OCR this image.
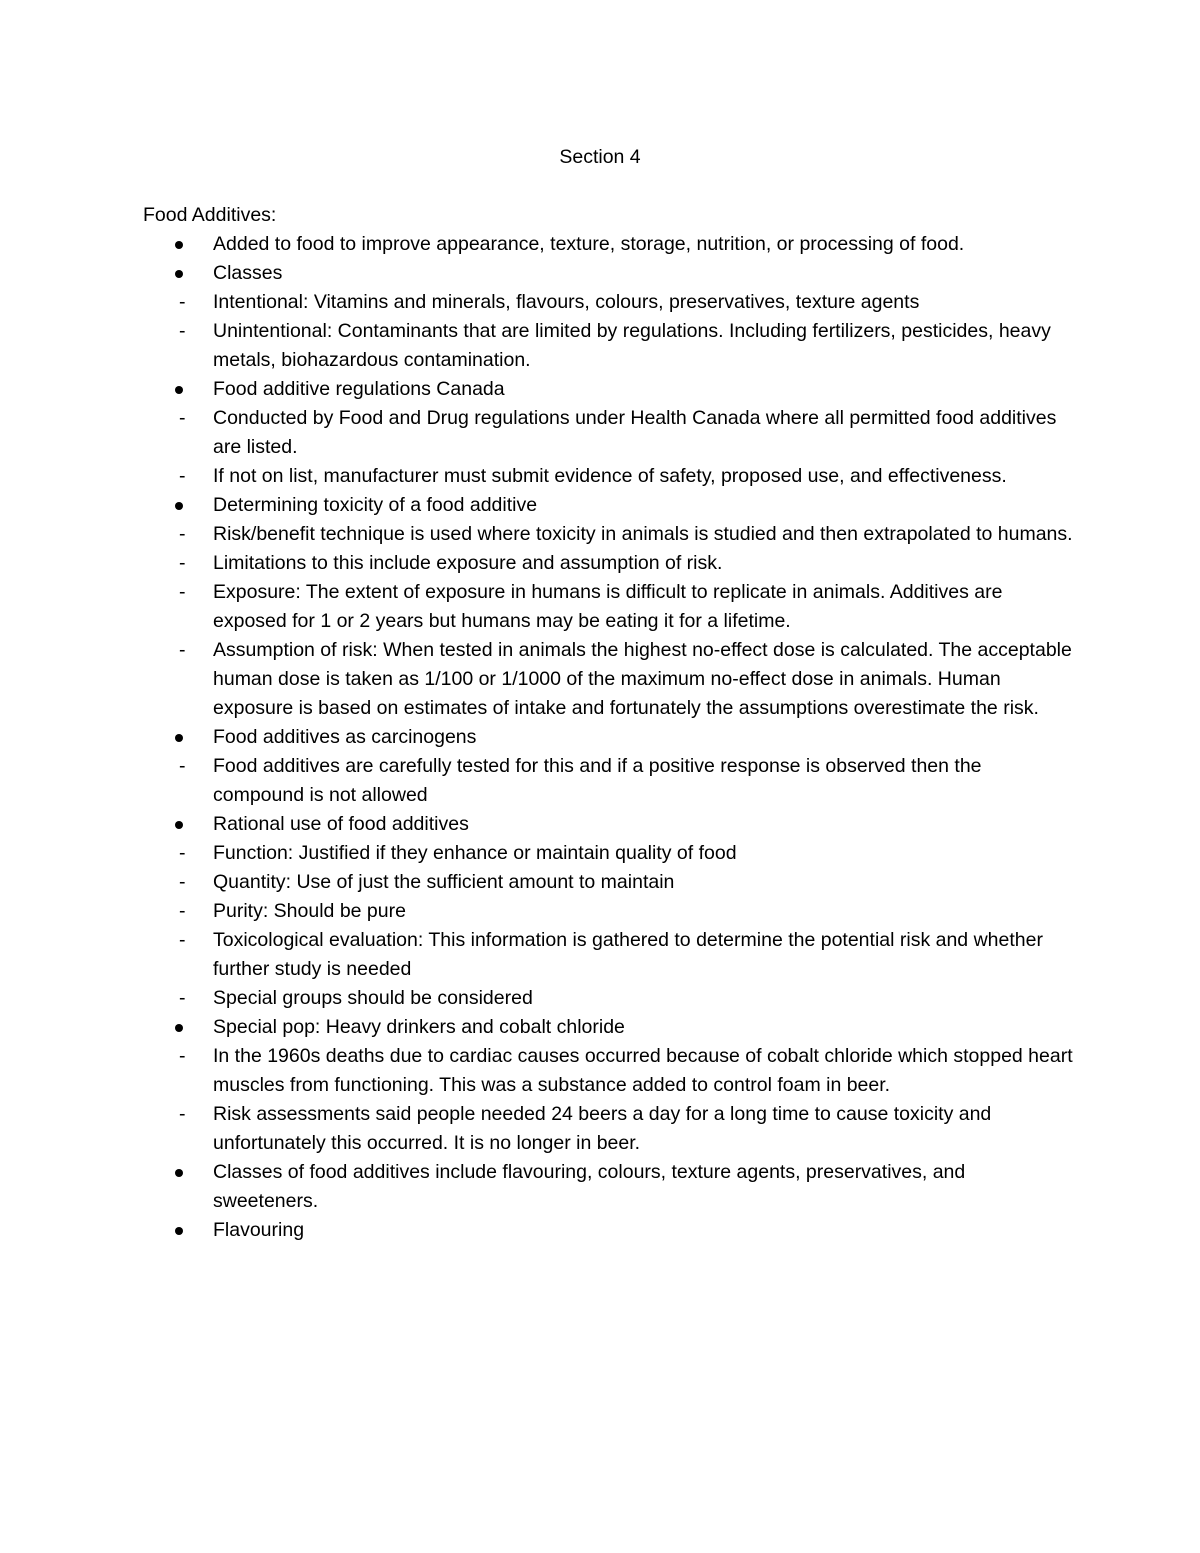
Section 4
Food Additives:
Added to food to improve appearance, texture, storage, nutrition, or processing of food.
Classes
- Intentional: Vitamins and minerals, flavours, colours, preservatives, texture agents
- Unintentional: Contaminants that are limited by regulations. Including fertilizers, pesticides, heavy metals, biohazardous contamination.
Food additive regulations Canada
- Conducted by Food and Drug regulations under Health Canada where all permitted food additives are listed.
- If not on list, manufacturer must submit evidence of safety, proposed use, and effectiveness.
Determining toxicity of a food additive
- Risk/benefit technique is used where toxicity in animals is studied and then extrapolated to humans.
- Limitations to this include exposure and assumption of risk.
- Exposure: The extent of exposure in humans is difficult to replicate in animals. Additives are exposed for 1 or 2 years but humans may be eating it for a lifetime.
- Assumption of risk: When tested in animals the highest no-effect dose is calculated. The acceptable human dose is taken as 1/100 or 1/1000 of the maximum no-effect dose in animals. Human exposure is based on estimates of intake and fortunately the assumptions overestimate the risk.
Food additives as carcinogens
- Food additives are carefully tested for this and if a positive response is observed then the compound is not allowed
Rational use of food additives
- Function: Justified if they enhance or maintain quality of food
- Quantity: Use of just the sufficient amount to maintain
- Purity: Should be pure
- Toxicological evaluation: This information is gathered to determine the potential risk and whether further study is needed
- Special groups should be considered
Special pop: Heavy drinkers and cobalt chloride
- In the 1960s deaths due to cardiac causes occurred because of cobalt chloride which stopped heart muscles from functioning. This was a substance added to control foam in beer.
- Risk assessments said people needed 24 beers a day for a long time to cause toxicity and unfortunately this occurred. It is no longer in beer.
Classes of food additives include flavouring, colours, texture agents, preservatives, and sweeteners.
Flavouring
